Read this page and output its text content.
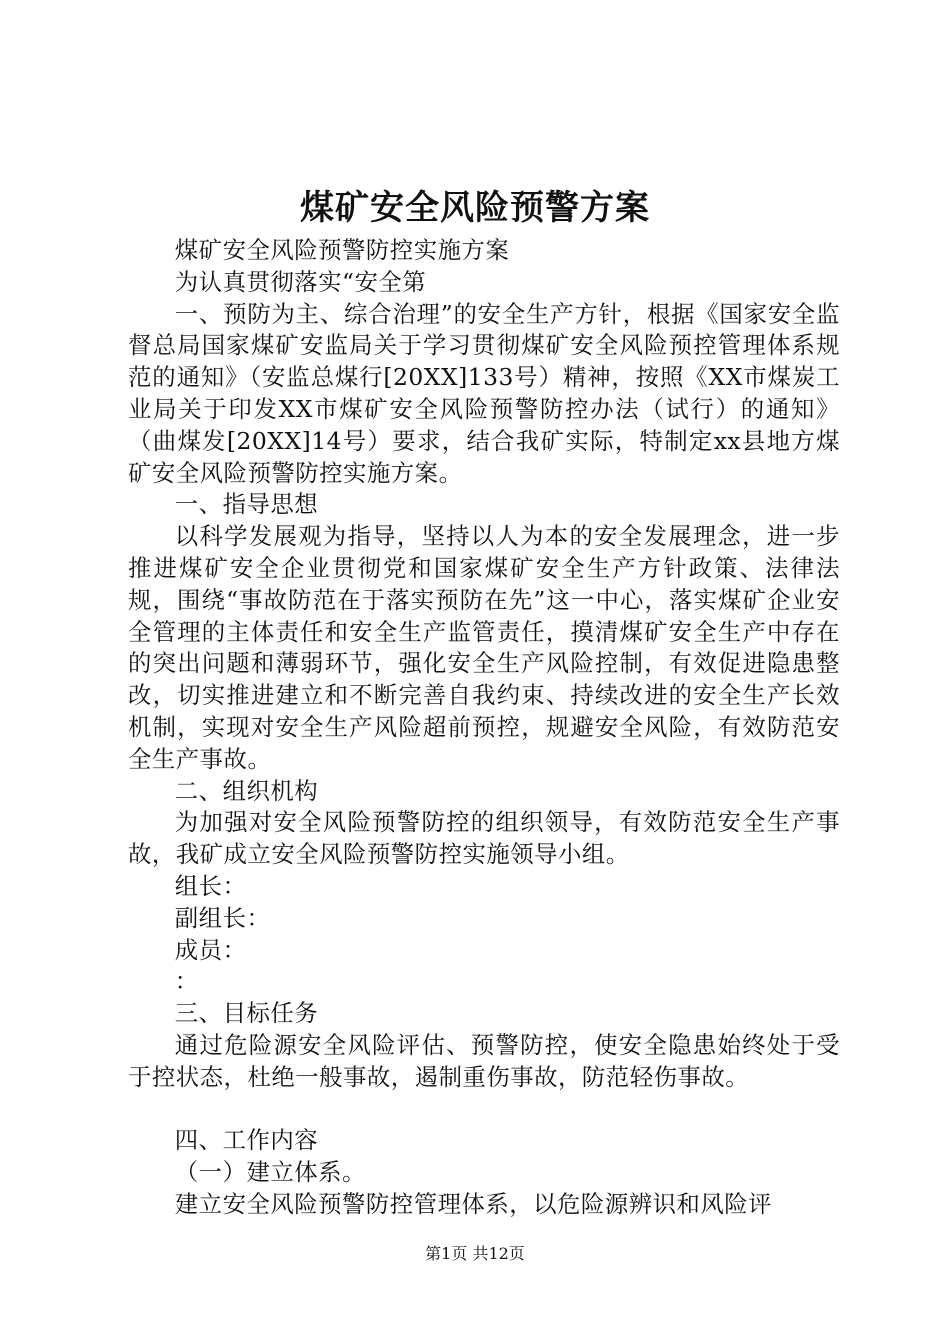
煤矿安全风险预警方案

煤矿安全风险预警防控实施方案

为认真贯彻落实“安全第

一、预防为主、综合治理”的安全生产方针，根据《国家安全监督总局国家煤矿安监局关于学习贯彻煤矿安全风险预控管理体系规范的通知》（安监总煤行[20XX]133号）精神，按照《XX市煤炭工业局关于印发XX市煤矿安全风险预警防控办法（试行）的通知》（曲煤发[20XX]14号）要求，结合我矿实际，特制定xx县地方煤矿安全风险预警防控实施方案。

一、指导思想

以科学发展观为指导，坚持以人为本的安全发展理念，进一步推进煤矿安全企业贯彻党和国家煤矿安全生产方针政策、法律法规，围绕“事故防范在于落实预防在先”这一中心，落实煤矿企业安全管理的主体责任和安全生产监管责任，摸清煤矿安全生产中存在的突出问题和薄弱环节，强化安全生产风险控制，有效促进隐患整改，切实推进建立和不断完善自我约束、持续改进的安全生产长效机制，实现对安全生产风险超前预控，规避安全风险，有效防范安全生产事故。

二、组织机构

为加强对安全风险预警防控的组织领导，有效防范安全生产事故，我矿成立安全风险预警防控实施领导小组。

组长：

副组长：

成员：

：

三、目标任务

通过危险源安全风险评估、预警防控，使安全隐患始终处于受于控状态，杜绝一般事故，遏制重伤事故，防范轻伤事故。

四、工作内容

（一）建立体系。

建立安全风险预警防控管理体系，以危险源辨识和风险评

第1页 共12页
